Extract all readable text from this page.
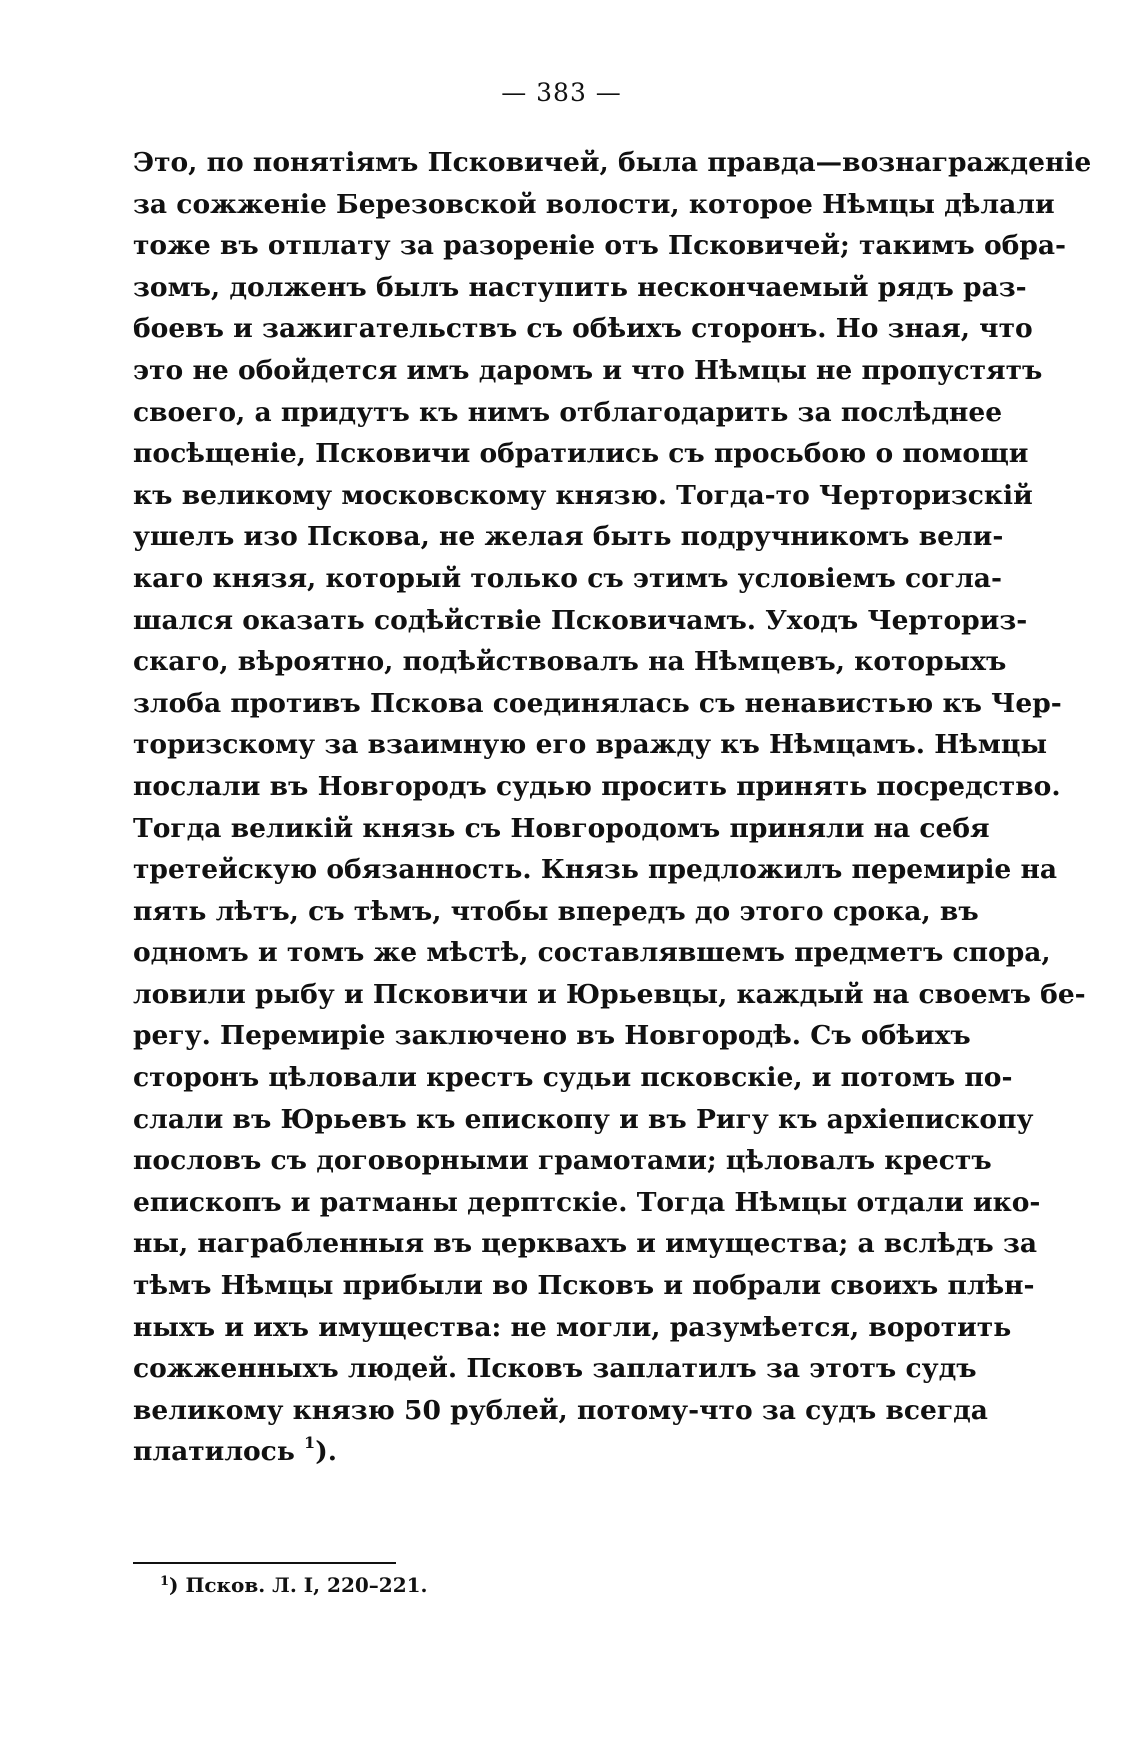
— 383 —
Это, по понятіямъ Псковичей, была правда—вознагражденіе
за сожженіе Березовской волости, которое Нѣмцы дѣлали
тоже въ отплату за разореніе отъ Псковичей; такимъ обра-
зомъ, долженъ былъ наступить нескончаемый рядъ раз-
боевъ и зажигательствъ съ обѣихъ сторонъ. Но зная, что
это не обойдется имъ даромъ и что Нѣмцы не пропустятъ
своего, а придутъ къ нимъ отблагодарить за послѣднее
посѣщеніе, Псковичи обратились съ просьбою о помощи
къ великому московскому князю. Тогда-то Черторизскій
ушелъ изо Пскова, не желая быть подручникомъ вели-
каго князя, который только съ этимъ условіемъ согла-
шался оказать содѣйствіе Псковичамъ. Уходъ Черториз-
скаго, вѣроятно, подѣйствовалъ на Нѣмцевъ, которыхъ
злоба противъ Пскова соединялась съ ненавистью къ Чер-
торизскому за взаимную его вражду къ Нѣмцамъ. Нѣмцы
послали въ Новгородъ судью просить принять посредство.
Тогда великій князь съ Новгородомъ приняли на себя
третейскую обязанность. Князь предложилъ перемиріе на
пять лѣтъ, съ тѣмъ, чтобы впередъ до этого срока, въ
одномъ и томъ же мѣстѣ, составлявшемъ предметъ спора,
ловили рыбу и Псковичи и Юрьевцы, каждый на своемъ бе-
регу. Перемиріе заключено въ Новгородѣ. Съ обѣихъ
сторонъ цѣловали крестъ судьи псковскіе, и потомъ по-
слали въ Юрьевъ къ епископу и въ Ригу къ архіепископу
пословъ съ договорными грамотами; цѣловалъ крестъ
епископъ и ратманы дерптскіе. Тогда Нѣмцы отдали ико-
ны, награбленныя въ церквахъ и имущества; а вслѣдъ за
тѣмъ Нѣмцы прибыли во Псковъ и побрали своихъ плѣн-
ныхъ и ихъ имущества: не могли, разумѣется, воротить
сожженныхъ людей. Псковъ заплатилъ за этотъ судъ
великому князю 50 рублей, потому-что за судъ всегда
платилось $^1$).
$^1$) Псков. Л. I, 220–221.
